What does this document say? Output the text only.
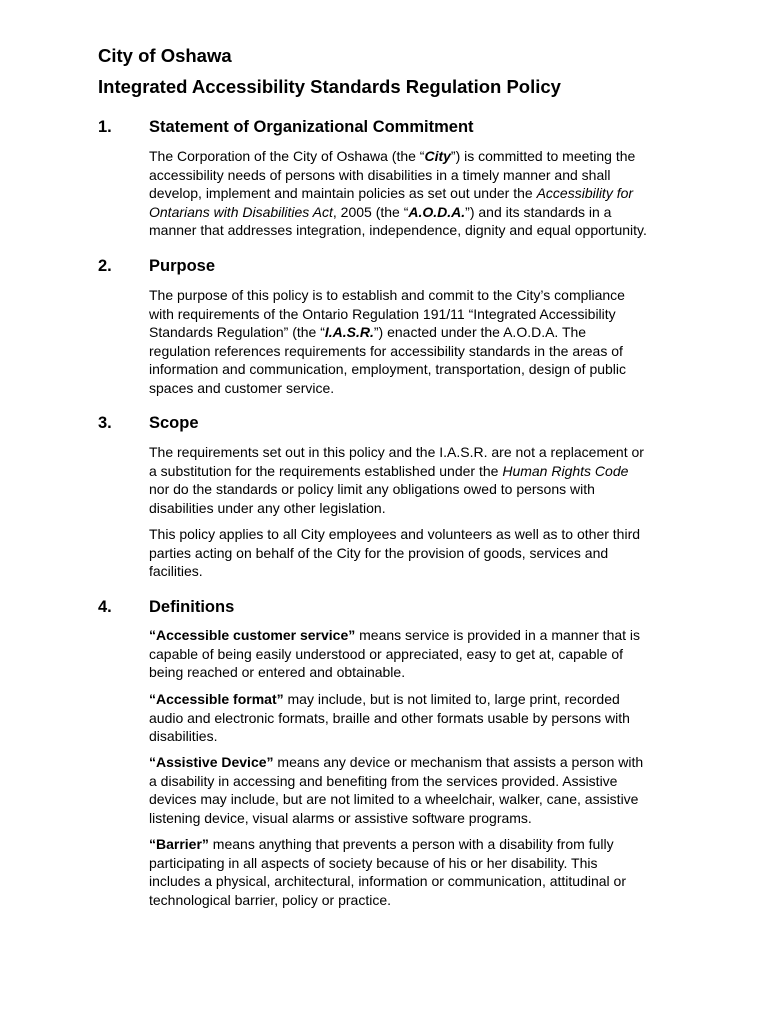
City of Oshawa
Integrated Accessibility Standards Regulation Policy
1. Statement of Organizational Commitment
The Corporation of the City of Oshawa (the “City”) is committed to meeting the
accessibility needs of persons with disabilities in a timely manner and shall
develop, implement and maintain policies as set out under the Accessibility for
Ontarians with Disabilities Act, 2005 (the “A.O.D.A.”) and its standards in a
manner that addresses integration, independence, dignity and equal opportunity.
2. Purpose
The purpose of this policy is to establish and commit to the City’s compliance
with requirements of the Ontario Regulation 191/11 “Integrated Accessibility
Standards Regulation” (the “I.A.S.R.”) enacted under the A.O.D.A. The
regulation references requirements for accessibility standards in the areas of
information and communication, employment, transportation, design of public
spaces and customer service.
3. Scope
The requirements set out in this policy and the I.A.S.R. are not a replacement or
a substitution for the requirements established under the Human Rights Code
nor do the standards or policy limit any obligations owed to persons with
disabilities under any other legislation.
This policy applies to all City employees and volunteers as well as to other third
parties acting on behalf of the City for the provision of goods, services and
facilities.
4. Definitions
“Accessible customer service” means service is provided in a manner that is
capable of being easily understood or appreciated, easy to get at, capable of
being reached or entered and obtainable.
“Accessible format” may include, but is not limited to, large print, recorded
audio and electronic formats, braille and other formats usable by persons with
disabilities.
“Assistive Device” means any device or mechanism that assists a person with
a disability in accessing and benefiting from the services provided. Assistive
devices may include, but are not limited to a wheelchair, walker, cane, assistive
listening device, visual alarms or assistive software programs.
“Barrier” means anything that prevents a person with a disability from fully
participating in all aspects of society because of his or her disability. This
includes a physical, architectural, information or communication, attitudinal or
technological barrier, policy or practice.
